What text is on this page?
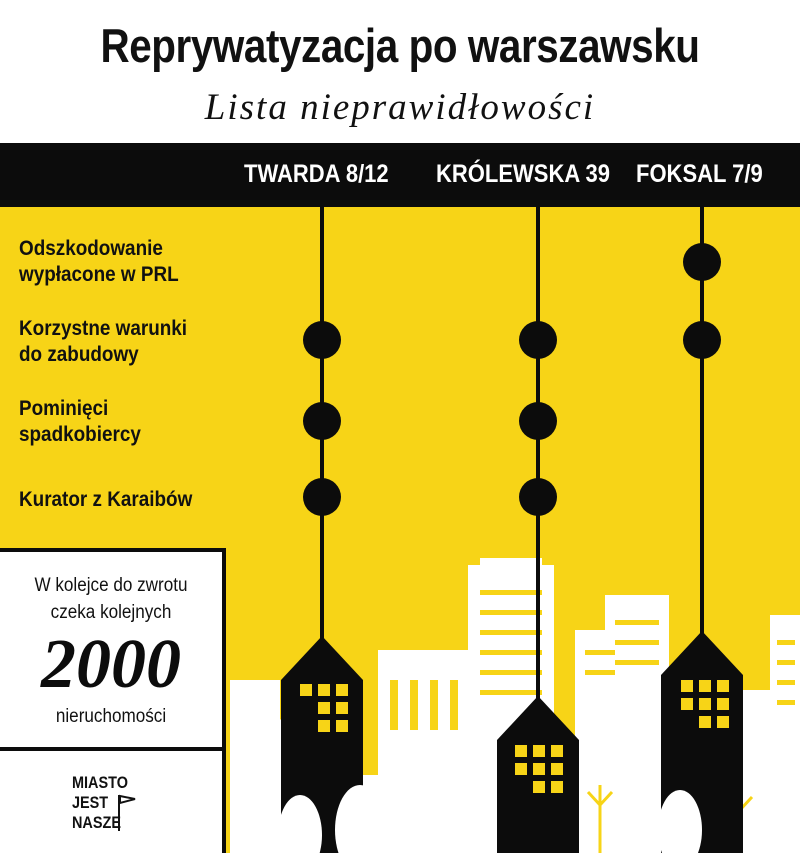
Reprywatyzacja po warszawsku
Lista nieprawidłowości
TWARDA 8/12 KRÓLEWSKA 39 FOKSAL 7/9
Odszkodowanie
wypłacone w PRL
Korzystne warunki
do zabudowy
Pominięci
spadkobiercy
Kurator z Karaibów
W kolejce do zwrotu
czeka kolejnych
2000
nieruchomości
MIASTO
JEST
NASZE
